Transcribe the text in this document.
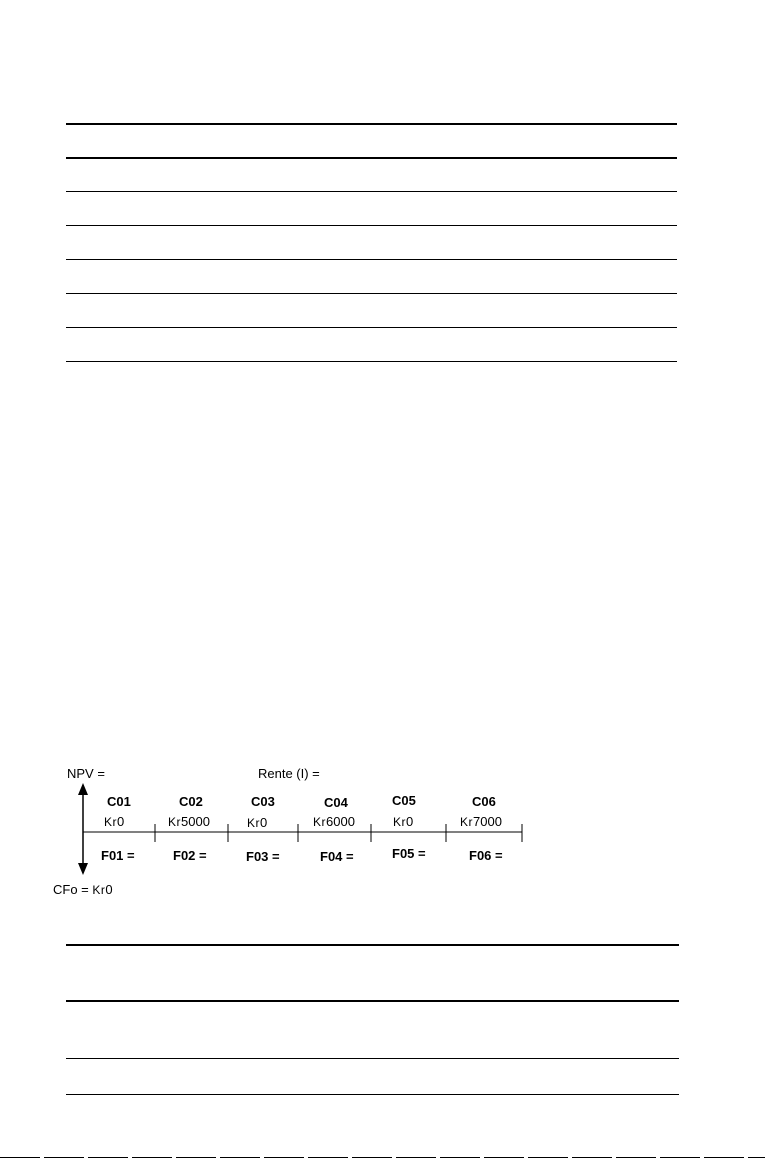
NPV =	Rente (I) =
C01
Kr0
F01 =
C02
Kr5000
F02 =
C03
Kr0
F03 =
C04
Kr6000
F04 =
C05
Kr0
F05 =
C06
Kr7000
F06 =
CFo = Kr0
